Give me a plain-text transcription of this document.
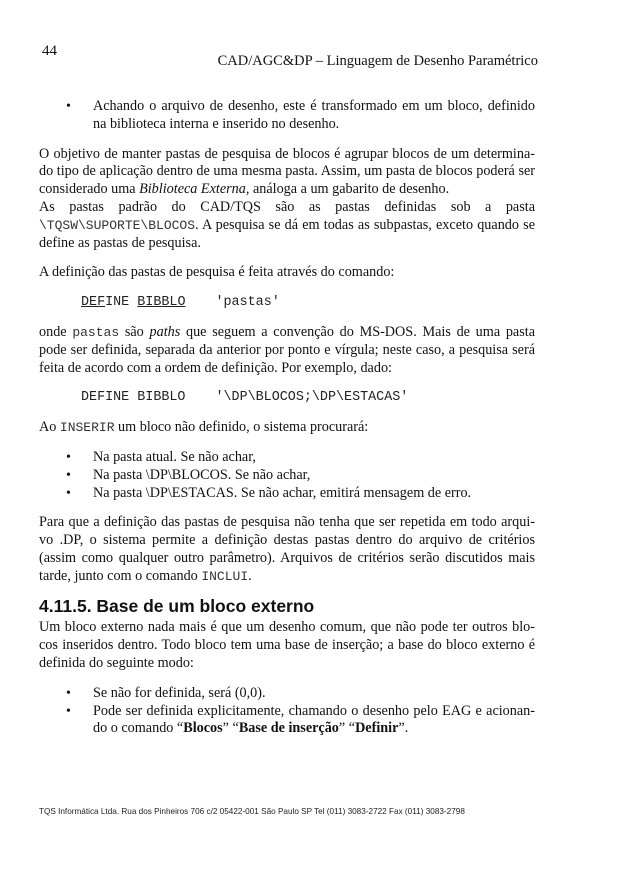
44
CAD/AGC&DP – Linguagem de Desenho Paramétrico
• Achando o arquivo de desenho, este é transformado em um bloco, definido na biblioteca interna e inserido no desenho.

O objetivo de manter pastas de pesquisa de blocos é agrupar blocos de um determina-do tipo de aplicação dentro de uma mesma pasta. Assim, um pasta de blocos poderá ser considerado uma Biblioteca Externa, análoga a um gabarito de desenho.

As pastas padrão do CAD/TQS são as pastas definidas sob a pasta \TQSW\SUPORTE\BLOCOS. A pesquisa se dá em todas as subpastas, exceto quando se define as pastas de pesquisa.

A definição das pastas de pesquisa é feita através do comando:

DEFINE BIBBLO 'pastas'

onde pastas são paths que seguem a convenção do MS-DOS. Mais de uma pasta pode ser definida, separada da anterior por ponto e vírgula; neste caso, a pesquisa será feita de acordo com a ordem de definição. Por exemplo, dado:

DEFINE BIBBLO '\DP\BLOCOS;\DP\ESTACAS'

Ao INSERIR um bloco não definido, o sistema procurará:

• Na pasta atual. Se não achar,
• Na pasta \DP\BLOCOS. Se não achar,
• Na pasta \DP\ESTACAS. Se não achar, emitirá mensagem de erro.

Para que a definição das pastas de pesquisa não tenha que ser repetida em todo arqui-vo .DP, o sistema permite a definição destas pastas dentro do arquivo de critérios (assim como qualquer outro parâmetro). Arquivos de critérios serão discutidos mais tarde, junto com o comando INCLUI.

4.11.5. Base de um bloco externo

Um bloco externo nada mais é que um desenho comum, que não pode ter outros blo-cos inseridos dentro. Todo bloco tem uma base de inserção; a base do bloco externo é definida do seguinte modo:

• Se não for definida, será (0,0).
• Pode ser definida explicitamente, chamando o desenho pelo EAG e acionan-do o comando “Blocos” “Base de inserção” “Definir”.
TQS Informática Ltda. Rua dos Pinheiros 706 c/2 05422-001 São Paulo SP Tel (011) 3083-2722 Fax (011) 3083-2798
